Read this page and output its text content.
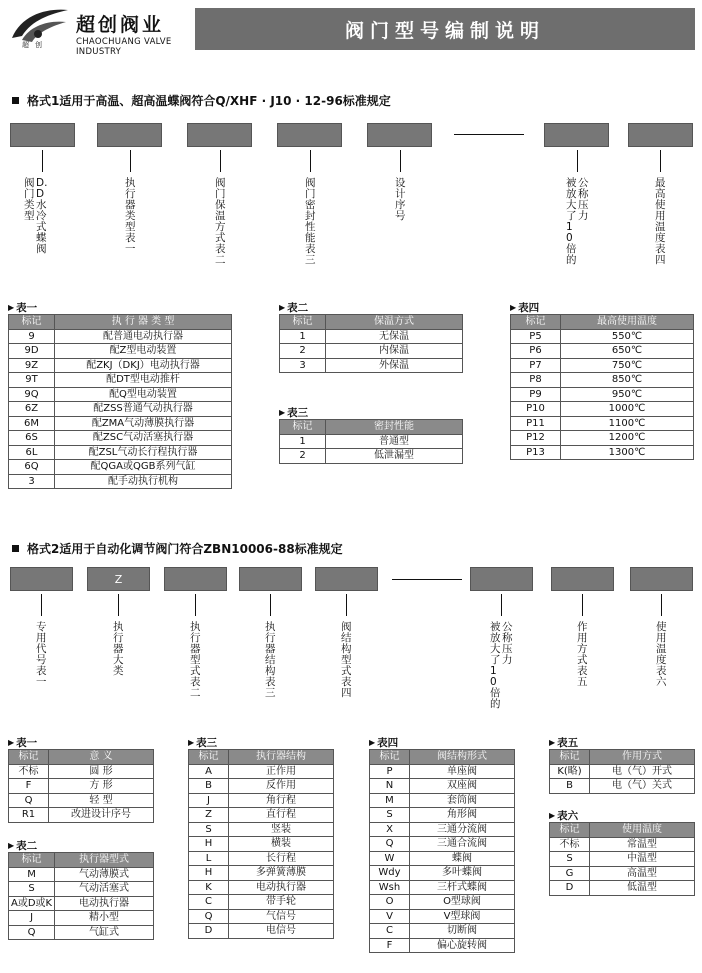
超创
超创阀业
CHAOCHUANG VALVE INDUSTRY
阀门型号编制说明
格式1适用于高温、超高温蝶阀符合Q/XHF · J10 · 12-96标准规定
阀门类型
D.D水冷式蝶阀
执行器类型 表一
阀门保温方式 表二
阀门密封性能 表三
设计序号
公称压力
被放大了10倍的
最高使用温度 表四
▶ 表一
标记	执 行 器 类 型
9	配普通电动执行器
9D	配Z型电动装置
9Z	配ZKJ（DKJ）电动执行器
9T	配DT型电动推杆
9Q	配Q型电动装置
6Z	配ZSS普通气动执行器
6M	配ZMA气动薄膜执行器
6S	配ZSC气动活塞执行器
6L	配ZSL气动长行程执行器
6Q	配QGA或QGB系列气缸
3	配手动执行机构
▶ 表二
标记	保温方式
1	无保温
2	内保温
3	外保温
▶ 表三
标记	密封性能
1	普通型
2	低泄漏型
▶ 表四
标记	最高使用温度
P5	550℃
P6	650℃
P7	750℃
P8	850℃
P9	950℃
P10	1000℃
P11	1100℃
P12	1200℃
P13	1300℃
格式2适用于自动化调节阀门符合ZBN10006-88标准规定
Z
专用代号 表一
执行器大类
执行器型式 表二
执行器结构 表三
阀结构型式 表四
公称压力
被放大了10倍的
作用方式 表五
使用温度 表六
▶ 表一
标记	意 义
不标	圆 形
F	方 形
Q	轻 型
R1	改进设计序号
▶ 表二
标记	执行器型式
M	气动薄膜式
S	气动活塞式
A或D或K	电动执行器
J	精小型
Q	气缸式
▶ 表三
标记	执行器结构
A	正作用
B	反作用
J	角行程
Z	直行程
S	竖装
H	横装
L	长行程
H	多弹簧薄膜
K	电动执行器
C	带手轮
Q	气信号
D	电信号
▶ 表四
标记	阀结构形式
P	单座阀
N	双座阀
M	套筒阀
S	角形阀
X	三通分流阀
Q	三通合流阀
W	蝶阀
Wdy	多叶蝶阀
Wsh	三杆式蝶阀
O	O型球阀
V	V型球阀
C	切断阀
F	偏心旋转阀
▶ 表五
标记	作用方式
K(略)	电（气）开式
B	电（气）关式
▶ 表六
标记	使用温度
不标	常温型
S	中温型
G	高温型
D	低温型
